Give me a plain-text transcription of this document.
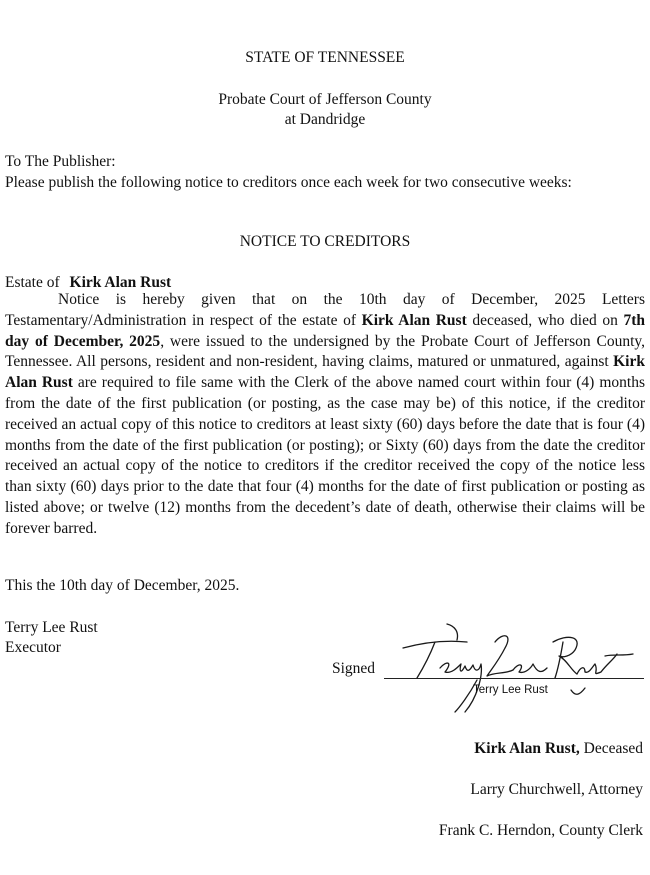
STATE OF TENNESSEE
Probate Court of Jefferson County
at Dandridge
To The Publisher:
Please publish the following notice to creditors once each week for two consecutive weeks:
NOTICE TO CREDITORS
Estate of Kirk Alan Rust

Notice is hereby given that on the 10th day of December, 2025 Letters Testamentary/Administration in respect of the estate of Kirk Alan Rust deceased, who died on 7th day of December, 2025, were issued to the undersigned by the Probate Court of Jefferson County, Tennessee. All persons, resident and non-resident, having claims, matured or unmatured, against Kirk Alan Rust are required to file same with the Clerk of the above named court within four (4) months from the date of the first publication (or posting, as the case may be) of this notice, if the creditor received an actual copy of this notice to creditors at least sixty (60) days before the date that is four (4) months from the date of the first publication (or posting); or Sixty (60) days from the date the creditor received an actual copy of the notice to creditors if the creditor received the copy of the notice less than sixty (60) days prior to the date that four (4) months for the date of first publication or posting as listed above; or twelve (12) months from the decedent’s date of death, otherwise their claims will be forever barred.

This the 10th day of December, 2025.
Terry Lee Rust
Executor
Signed
Terry Lee Rust
Kirk Alan Rust, Deceased
Larry Churchwell, Attorney
Frank C. Herndon, County Clerk
